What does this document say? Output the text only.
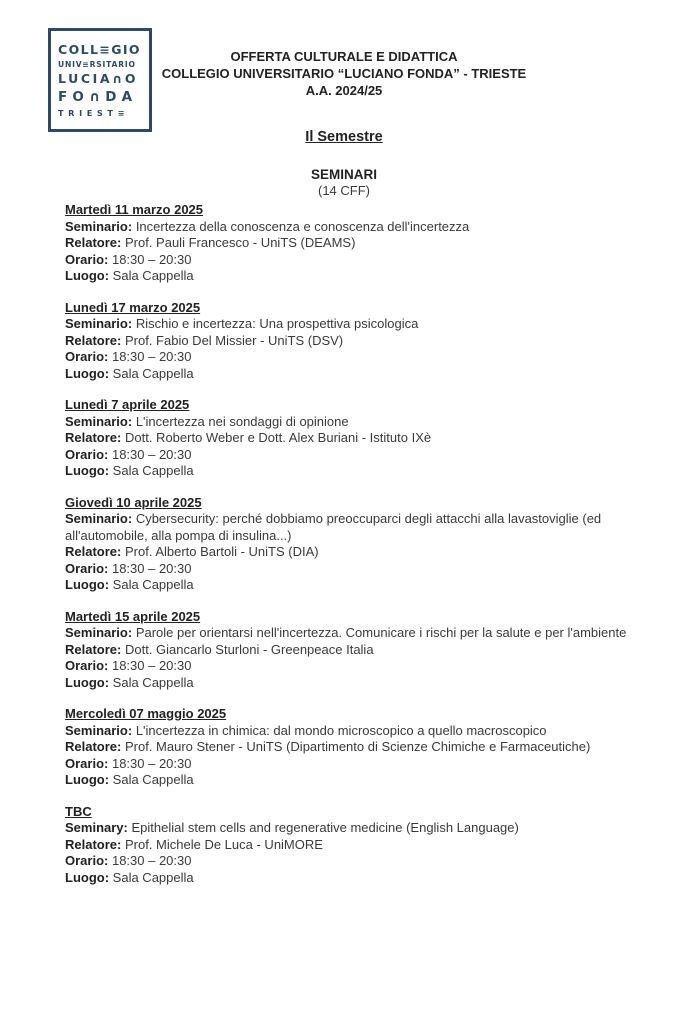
COLL≡GIO
UNIV≡RSITARIO
LUCIA∩O
FO∩DA
TRIEST≡
OFFERTA CULTURALE E DIDATTICA
COLLEGIO UNIVERSITARIO “LUCIANO FONDA” - TRIESTE
A.A. 2024/25
Il Semestre
SEMINARI
(14 CFF)
Martedì 11 marzo 2025
Seminario: Incertezza della conoscenza e conoscenza dell'incertezza
Relatore: Prof. Pauli Francesco - UniTS (DEAMS)
Orario: 18:30 – 20:30
Luogo: Sala Cappella
Lunedì 17 marzo 2025
Seminario: Rischio e incertezza: Una prospettiva psicologica
Relatore: Prof. Fabio Del Missier - UniTS (DSV)
Orario: 18:30 – 20:30
Luogo: Sala Cappella
Lunedì 7 aprile 2025
Seminario: L'incertezza nei sondaggi di opinione
Relatore: Dott. Roberto Weber e Dott. Alex Buriani - Istituto IXè
Orario: 18:30 – 20:30
Luogo: Sala Cappella
Giovedì 10 aprile 2025
Seminario: Cybersecurity: perché dobbiamo preoccuparci degli attacchi alla lavastoviglie (ed all'automobile, alla pompa di insulina...)
Relatore: Prof. Alberto Bartoli - UniTS (DIA)
Orario: 18:30 – 20:30
Luogo: Sala Cappella
Martedì 15 aprile 2025
Seminario: Parole per orientarsi nell'incertezza. Comunicare i rischi per la salute e per l'ambiente
Relatore: Dott. Giancarlo Sturloni - Greenpeace Italia
Orario: 18:30 – 20:30
Luogo: Sala Cappella
Mercoledì 07 maggio 2025
Seminario: L'incertezza in chimica: dal mondo microscopico a quello macroscopico
Relatore: Prof. Mauro Stener - UniTS (Dipartimento di Scienze Chimiche e Farmaceutiche)
Orario: 18:30 – 20:30
Luogo: Sala Cappella
TBC
Seminary: Epithelial stem cells and regenerative medicine (English Language)
Relatore: Prof. Michele De Luca - UniMORE
Orario: 18:30 – 20:30
Luogo: Sala Cappella
